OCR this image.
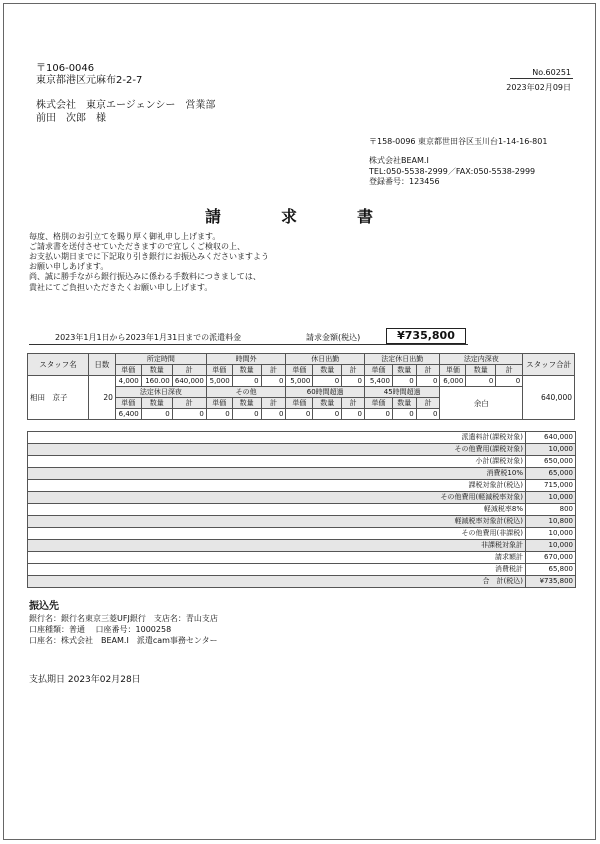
〒106-0046
東京都港区元麻布2-2-7
株式会社　東京エージェンシー　営業部
前田　次郎　様
No.60251
2023年02月09日
〒158-0096 東京都世田谷区玉川台1-14-16-801
株式会社BEAM.I
TEL:050-5538-2999／FAX:050-5538-2999
登録番号：123456
請　求　書
毎度、格別のお引立てを賜り厚く御礼申し上げます。
ご請求書を送付させていただきますので宜しくご検収の上、
お支払い期日までに下記取り引き銀行にお振込みくださいますよう
お願い申しあげます。
尚、誠に勝手ながら銀行振込みに係わる手数料につきましては、
貴社にてご負担いただきたくお願い申し上げます。
2023年1月1日から2023年1月31日までの派遣料金	請求金額(税込)	¥735,800
スタッフ名	日数	所定時間			時間外			休日出勤			法定休日出勤			法定内深夜			スタッフ合計
		単価	数量	計	単価	数量	計	単価	数量	計	単価	数量	計	単価	数量	計	
相田　京子	20	4,000	160.00	640,000	5,000	0	0	5,000	0	0	5,400	0	0	6,000	0	0	640,000
		法定休日深夜			その他			60時間超過			45時間超過			余白			
		単価	数量	計	単価	数量	計	単価	数量	計	単価	数量	計				
		6,400	0	0	0	0	0	0	0	0	0	0	0				
派遣料計(課税対象)	640,000
その他費用(課税対象)	10,000
小計(課税対象)	650,000
消費税10%	65,000
課税対象計(税込)	715,000
その他費用(軽減税率対象)	10,000
軽減税率8%	800
軽減税率対象計(税込)	10,800
その他費用(非課税)	10,000
非課税対象計	10,000
請求額計	670,000
消費税計	65,800
合　計(税込)	¥735,800
振込先
銀行名：銀行名東京三菱UFJ銀行　支店名：青山支店
口座種類：普通　 口座番号：1000258
口座名：株式会社　BEAM.I　派遣cam事務センター
支払期日 2023年02月28日
